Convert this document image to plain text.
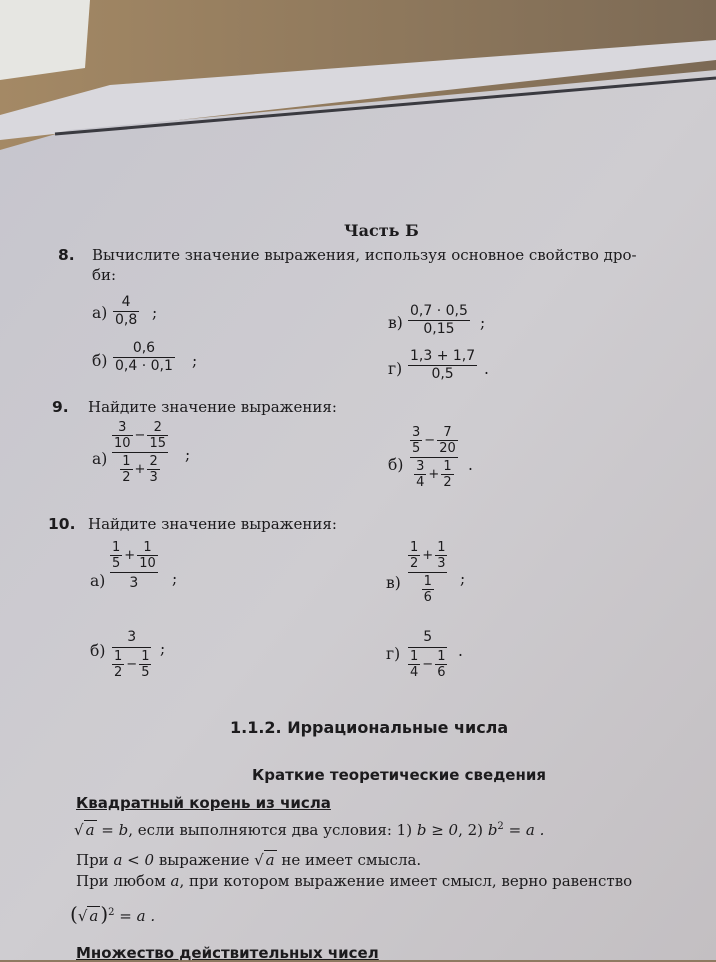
Часть Б
8. Вычислите значение выражения, используя основное свойство дро-
би:
а)
4
0,8 ;
б)
0,6
0,4 · 0,1 ;
в)
0,7 · 0,5
0,15 ;
г)
1,3 + 1,7
0,5 .
9. Найдите значение выражения:
а)
$\frac{3}{10} - \frac{2}{15}$
$\frac{1}{2} + \frac{2}{3}$ ;
б)
$\frac{3}{5} - \frac{7}{20}$
$\frac{3}{4} + \frac{1}{2}$ .
10. Найдите значение выражения:
а)
$\frac{1}{5} + \frac{1}{10}$
3	;	в)
$\frac{1}{2} + \frac{1}{3}$
$\frac{1}{6}$ ;
б)
3
$\frac{1}{2} - \frac{1}{5}$ ;	г)
5
$\frac{1}{4} - \frac{1}{6}$ .
1.1.2. Иррациональные числа
Краткие теоретические сведения
Квадратный корень из числа
√ a = b, если выполняются два условия: 1) b ≥ 0, 2) $b^2 = a$ .
При a < 0 выражение √ a не имеет смысла.
При любом a, при котором выражение имеет смысл, верно равенство
(√ a )$^2$ = a .
Множество действительных чисел
